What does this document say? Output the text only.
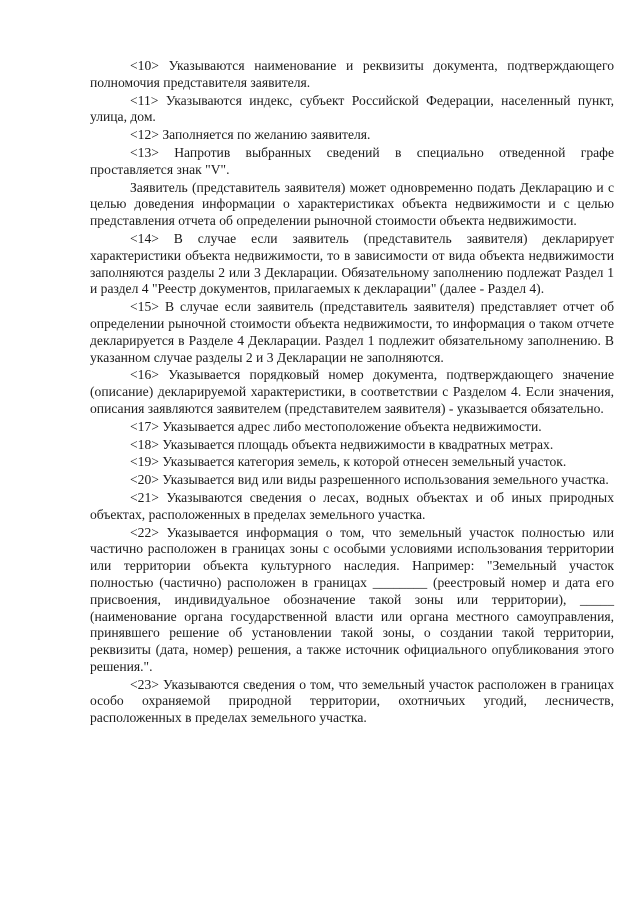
<10> Указываются наименование и реквизиты документа, подтверждающего полномочия представителя заявителя.

<11> Указываются индекс, субъект Российской Федерации, населенный пункт, улица, дом.

<12> Заполняется по желанию заявителя.

<13> Напротив выбранных сведений в специально отведенной графе проставляется знак "V".

Заявитель (представитель заявителя) может одновременно подать Декларацию и с целью доведения информации о характеристиках объекта недвижимости и с целью представления отчета об определении рыночной стоимости объекта недвижимости.

<14> В случае если заявитель (представитель заявителя) декларирует характеристики объекта недвижимости, то в зависимости от вида объекта недвижимости заполняются разделы 2 или 3 Декларации. Обязательному заполнению подлежат Раздел 1 и раздел 4 "Реестр документов, прилагаемых к декларации" (далее - Раздел 4).

<15> В случае если заявитель (представитель заявителя) представляет отчет об определении рыночной стоимости объекта недвижимости, то информация о таком отчете декларируется в Разделе 4 Декларации. Раздел 1 подлежит обязательному заполнению. В указанном случае разделы 2 и 3 Декларации не заполняются.

<16> Указывается порядковый номер документа, подтверждающего значение (описание) декларируемой характеристики, в соответствии с Разделом 4. Если значения, описания заявляются заявителем (представителем заявителя) - указывается обязательно.

<17> Указывается адрес либо местоположение объекта недвижимости.

<18> Указывается площадь объекта недвижимости в квадратных метрах.

<19> Указывается категория земель, к которой отнесен земельный участок.

<20> Указывается вид или виды разрешенного использования земельного участка.

<21> Указываются сведения о лесах, водных объектах и об иных природных объектах, расположенных в пределах земельного участка.

<22> Указывается информация о том, что земельный участок полностью или частично расположен в границах зоны с особыми условиями использования территории или территории объекта культурного наследия. Например: "Земельный участок полностью (частично) расположен в границах ________ (реестровый номер и дата его присвоения, индивидуальное обозначение такой зоны или территории), _____ (наименование органа государственной власти или органа местного самоуправления, принявшего решение об установлении такой зоны, о создании такой территории, реквизиты (дата, номер) решения, а также источник официального опубликования этого решения.".

<23> Указываются сведения о том, что земельный участок расположен в границах особо охраняемой природной территории, охотничьих угодий, лесничеств, расположенных в пределах земельного участка.
